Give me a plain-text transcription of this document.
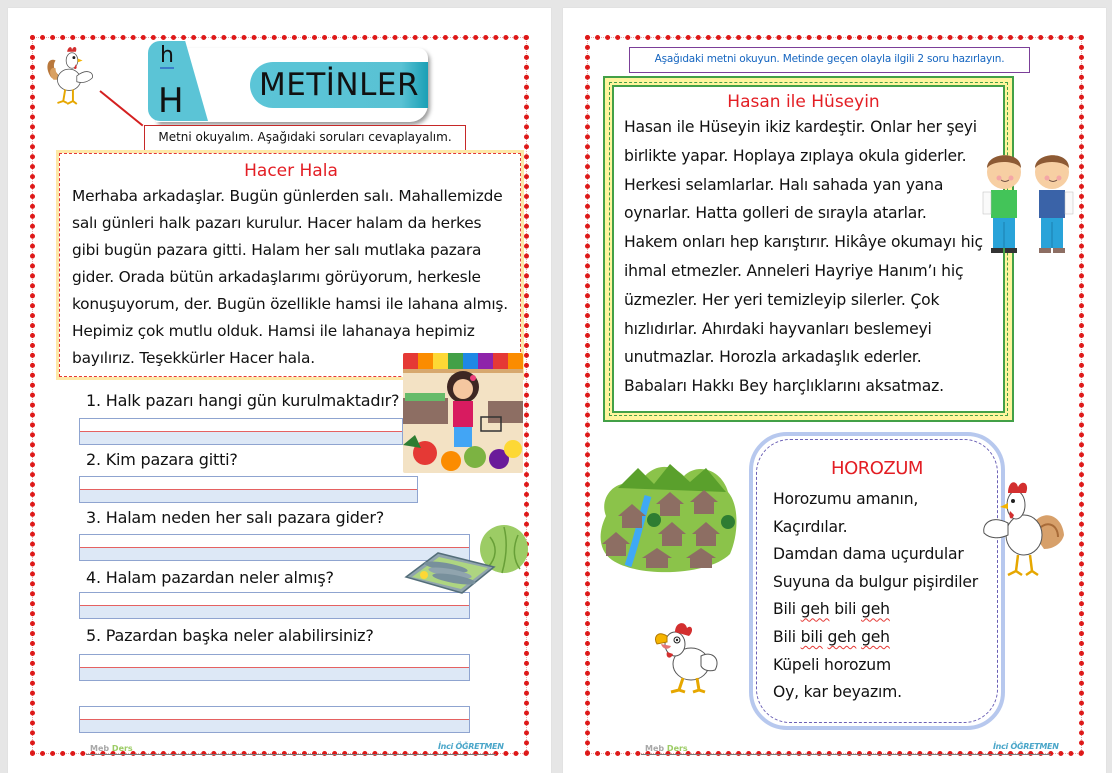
h
H METİNLER
Metni okuyalım. Aşağıdaki soruları cevaplayalım.
Hacer Hala
Merhaba arkadaşlar. Bugün günlerden salı. Mahallemizde
salı günleri halk pazarı kurulur. Hacer halam da herkes
gibi bugün pazara gitti. Halam her salı mutlaka pazara
gider. Orada bütün arkadaşlarımı görüyorum, herkesle
konuşuyorum, der. Bugün özellikle hamsi ile lahana almış.
Hepimiz çok mutlu olduk. Hamsi ile lahanaya hepimiz
bayılırız. Teşekkürler Hacer hala.
1. Halk pazarı hangi gün kurulmaktadır?
2. Kim pazara gitti?
3. Halam neden her salı pazara gider?
4. Halam pazardan neler almış?
5. Pazardan başka neler alabilirsiniz?
Meb Ders	İnci ÖĞRETMEN
Aşağıdaki metni okuyun. Metinde geçen olayla ilgili 2 soru hazırlayın.
Hasan ile Hüseyin
Hasan ile Hüseyin ikiz kardeştir. Onlar her şeyi
birlikte yapar. Hoplaya zıplaya okula giderler.
Herkesi selamlarlar. Halı sahada yan yana
oynarlar. Hatta golleri de sırayla atarlar.
Hakem onları hep karıştırır. Hikâye okumayı hiç
ihmal etmezler. Anneleri Hayriye Hanım’ı hiç
üzmezler. Her yeri temizleyip silerler. Çok
hızlıdırlar. Ahırdaki hayvanları beslemeyi
unutmazlar. Horozla arkadaşlık ederler.
Babaları Hakkı Bey harçlıklarını aksatmaz.
HOROZUM
Horozumu amanın,
Kaçırdılar.
Damdan dama uçurdular
Suyuna da bulgur pişirdiler
Bili geh bili geh
Bili bili geh geh
Küpeli horozum
Oy, kar beyazım.
Meb Ders	İnci ÖĞRETMEN
